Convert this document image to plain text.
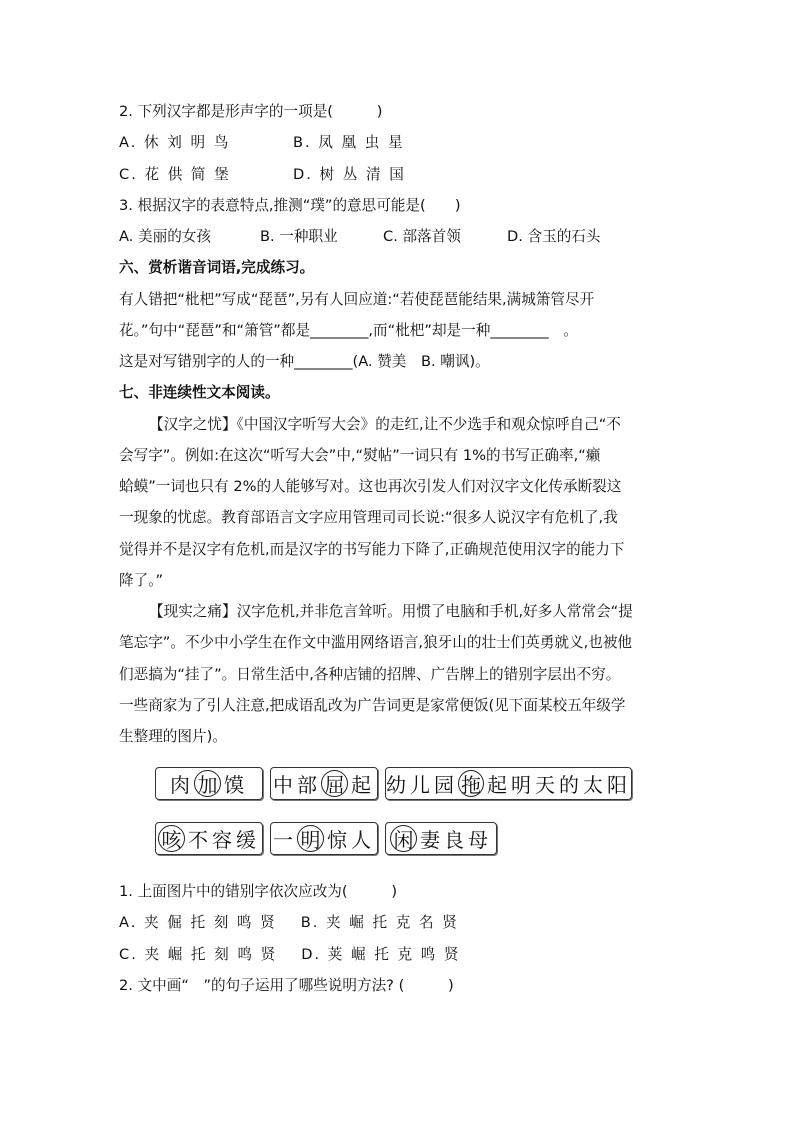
2. 下列汉字都是形声字的一项是(　　　)
A. 休 刘 明 鸟	B. 凤 凰 虫 星
C. 花 供 简 堡	D. 树 丛 清 国
3. 根据汉字的表意特点,推测“璞”的意思可能是(　　)
A. 美丽的女孩	B. 一种职业	C. 部落首领	D. 含玉的石头
六、赏析谐音词语,完成练习。
有人错把“枇杷”写成“琵琶”,另有人回应道:“若使琵琶能结果,满城箫管尽开
花。”句中“琵琶”和“箫管”都是________,而“枇杷”却是一种________　。
这是对写错别字的人的一种________(A. 赞美　B. 嘲讽)。
七、非连续性文本阅读。
【汉字之忧】《中国汉字听写大会》的走红,让不少选手和观众惊呼自己“不
会写字”。例如:在这次“听写大会”中,“熨帖”一词只有 1%的书写正确率,“癞
蛤蟆”一词也只有 2%的人能够写对。这也再次引发人们对汉字文化传承断裂这
一现象的忧虑。教育部语言文字应用管理司司长说:“很多人说汉字有危机了,我
觉得并不是汉字有危机,而是汉字的书写能力下降了,正确规范使用汉字的能力下
降了。”
【现实之痛】汉字危机,并非危言耸听。用惯了电脑和手机,好多人常常会“提
笔忘字”。不少中小学生在作文中滥用网络语言,狼牙山的壮士们英勇就义,也被他
们恶搞为“挂了”。日常生活中,各种店铺的招牌、广告牌上的错别字层出不穷。
一些商家为了引人注意,把成语乱改为广告词更是家常便饭(见下面某校五年级学
生整理的图片)。
肉 加 馍 中部 屈 起 幼儿园 拖 起明天的太阳
咳 不容缓 一 明 惊人 闲 妻良母
1. 上面图片中的错别字依次应改为(　　　)
A. 夹 倔 托 刻 鸣 贤 B. 夹 崛 托 克 名 贤
C. 夹 崛 托 刻 鸣 贤 D. 荚 崛 托 克 鸣 贤
2. 文中画“　”的句子运用了哪些说明方法? (　　　)
